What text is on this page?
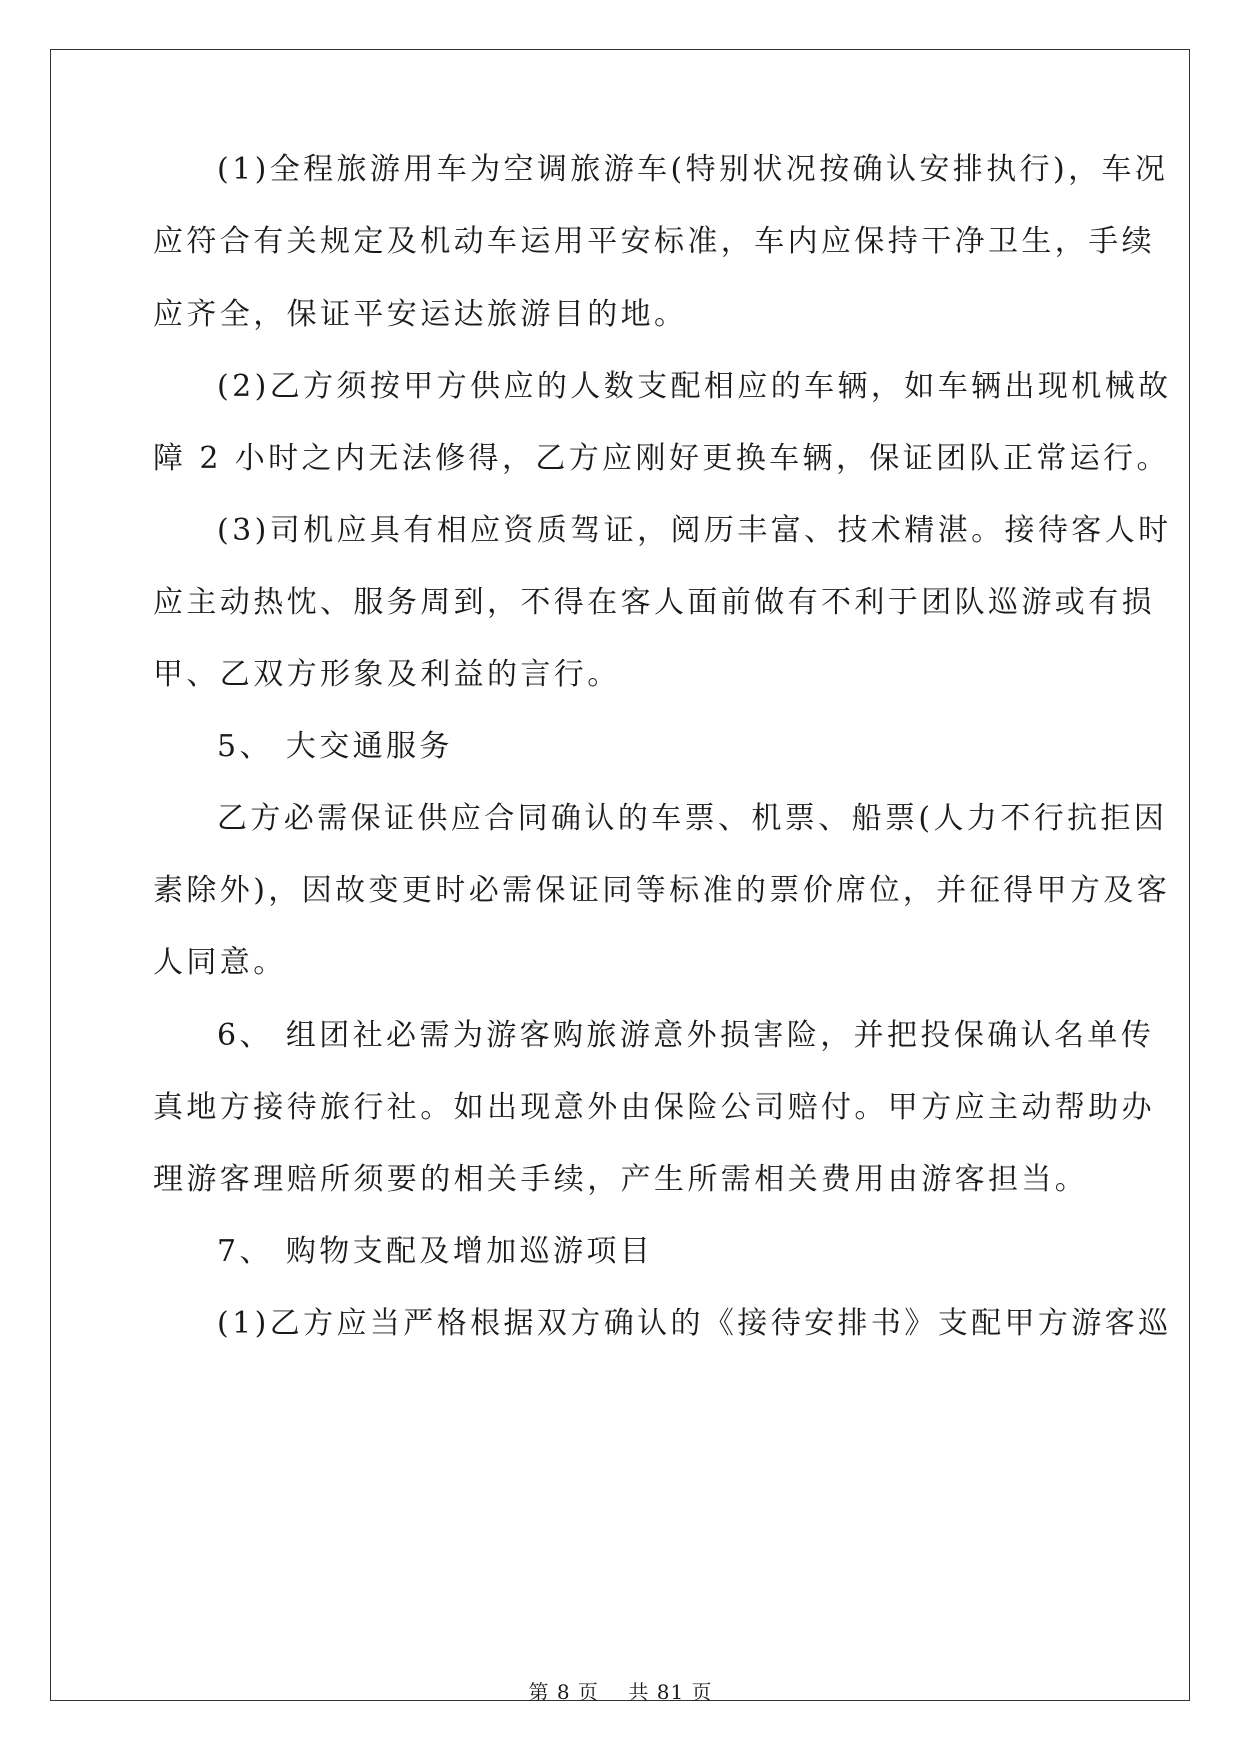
(1)全程旅游用车为空调旅游车(特别状况按确认安排执行)，车况
应符合有关规定及机动车运用平安标准，车内应保持干净卫生，手续
应齐全，保证平安运达旅游目的地。
(2)乙方须按甲方供应的人数支配相应的车辆，如车辆出现机械故
障 2 小时之内无法修得，乙方应刚好更换车辆，保证团队正常运行。
(3)司机应具有相应资质驾证，阅历丰富、技术精湛。接待客人时
应主动热忱、服务周到，不得在客人面前做有不利于团队巡游或有损
甲、乙双方形象及利益的言行。
5、 大交通服务
乙方必需保证供应合同确认的车票、机票、船票(人力不行抗拒因
素除外)，因故变更时必需保证同等标准的票价席位，并征得甲方及客
人同意。
6、 组团社必需为游客购旅游意外损害险，并把投保确认名单传
真地方接待旅行社。如出现意外由保险公司赔付。甲方应主动帮助办
理游客理赔所须要的相关手续，产生所需相关费用由游客担当。
7、 购物支配及增加巡游项目
(1)乙方应当严格根据双方确认的《接待安排书》支配甲方游客巡
第 8 页 共 81 页
